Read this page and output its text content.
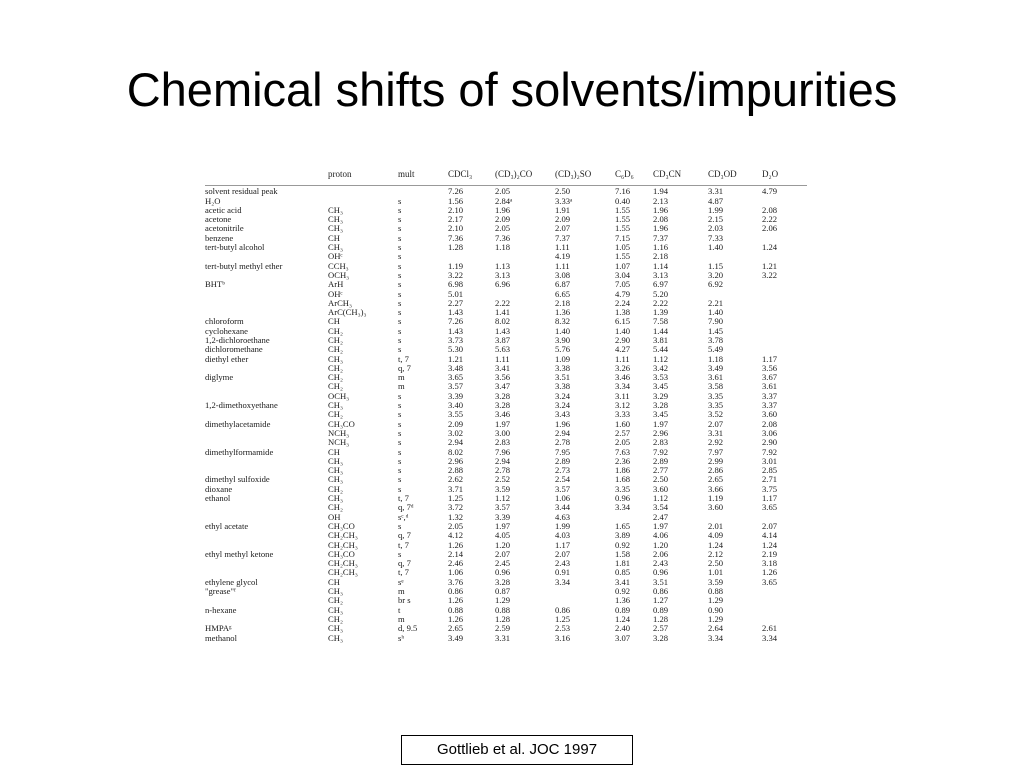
Chemical shifts of solvents/impurities
	proton	mult	CDCl₃	(CD₃)₂CO	(CD₃)₂SO	C₆D₆	CD₃CN	CD₃OD	D₂O
solvent residual peak			7.26	2.05	2.50	7.16	1.94	3.31	4.79
H₂O		s	1.56	2.84ᵃ	3.33ᵃ	0.40	2.13	4.87	
acetic acid	CH₃	s	2.10	1.96	1.91	1.55	1.96	1.99	2.08
acetone	CH₃	s	2.17	2.09	2.09	1.55	2.08	2.15	2.22
acetonitrile	CH₃	s	2.10	2.05	2.07	1.55	1.96	2.03	2.06
benzene	CH	s	7.36	7.36	7.37	7.15	7.37	7.33	
tert-butyl alcohol	CH₃	s	1.28	1.18	1.11	1.05	1.16	1.40	1.24
	OHᶜ	s			4.19	1.55	2.18		
tert-butyl methyl ether	CCH₃	s	1.19	1.13	1.11	1.07	1.14	1.15	1.21
	OCH₃	s	3.22	3.13	3.08	3.04	3.13	3.20	3.22
BHTᵇ	ArH	s	6.98	6.96	6.87	7.05	6.97	6.92	
	OHᶜ	s	5.01		6.65	4.79	5.20		
	ArCH₃	s	2.27	2.22	2.18	2.24	2.22	2.21	
	ArC(CH₃)₃	s	1.43	1.41	1.36	1.38	1.39	1.40	
chloroform	CH	s	7.26	8.02	8.32	6.15	7.58	7.90	
cyclohexane	CH₂	s	1.43	1.43	1.40	1.40	1.44	1.45	
1,2-dichloroethane	CH₂	s	3.73	3.87	3.90	2.90	3.81	3.78	
dichloromethane	CH₂	s	5.30	5.63	5.76	4.27	5.44	5.49	
diethyl ether	CH₃	t, 7	1.21	1.11	1.09	1.11	1.12	1.18	1.17
	CH₂	q, 7	3.48	3.41	3.38	3.26	3.42	3.49	3.56
diglyme	CH₂	m	3.65	3.56	3.51	3.46	3.53	3.61	3.67
	CH₂	m	3.57	3.47	3.38	3.34	3.45	3.58	3.61
	OCH₃	s	3.39	3.28	3.24	3.11	3.29	3.35	3.37
1,2-dimethoxyethane	CH₃	s	3.40	3.28	3.24	3.12	3.28	3.35	3.37
	CH₂	s	3.55	3.46	3.43	3.33	3.45	3.52	3.60
dimethylacetamide	CH₃CO	s	2.09	1.97	1.96	1.60	1.97	2.07	2.08
	NCH₃	s	3.02	3.00	2.94	2.57	2.96	3.31	3.06
	NCH₃	s	2.94	2.83	2.78	2.05	2.83	2.92	2.90
dimethylformamide	CH	s	8.02	7.96	7.95	7.63	7.92	7.97	7.92
	CH₃	s	2.96	2.94	2.89	2.36	2.89	2.99	3.01
	CH₃	s	2.88	2.78	2.73	1.86	2.77	2.86	2.85
dimethyl sulfoxide	CH₃	s	2.62	2.52	2.54	1.68	2.50	2.65	2.71
dioxane	CH₂	s	3.71	3.59	3.57	3.35	3.60	3.66	3.75
ethanol	CH₃	t, 7	1.25	1.12	1.06	0.96	1.12	1.19	1.17
	CH₂	q, 7ᵈ	3.72	3.57	3.44	3.34	3.54	3.60	3.65
	OH	sᶜ,ᵈ	1.32	3.39	4.63		2.47		
ethyl acetate	CH₃CO	s	2.05	1.97	1.99	1.65	1.97	2.01	2.07
	CH₂CH₃	q, 7	4.12	4.05	4.03	3.89	4.06	4.09	4.14
	CH₂CH₃	t, 7	1.26	1.20	1.17	0.92	1.20	1.24	1.24
ethyl methyl ketone	CH₃CO	s	2.14	2.07	2.07	1.58	2.06	2.12	2.19
	CH₂CH₃	q, 7	2.46	2.45	2.43	1.81	2.43	2.50	3.18
	CH₂CH₃	t, 7	1.06	0.96	0.91	0.85	0.96	1.01	1.26
ethylene glycol	CH	sᵉ	3.76	3.28	3.34	3.41	3.51	3.59	3.65
"grease"ᶠ	CH₃	m	0.86	0.87		0.92	0.86	0.88	
	CH₂	br s	1.26	1.29		1.36	1.27	1.29	
n-hexane	CH₃	t	0.88	0.88	0.86	0.89	0.89	0.90	
	CH₂	m	1.26	1.28	1.25	1.24	1.28	1.29	
HMPAᵍ	CH₃	d, 9.5	2.65	2.59	2.53	2.40	2.57	2.64	2.61
methanol	CH₃	sʰ	3.49	3.31	3.16	3.07	3.28	3.34	3.34
Gottlieb et al. JOC 1997
